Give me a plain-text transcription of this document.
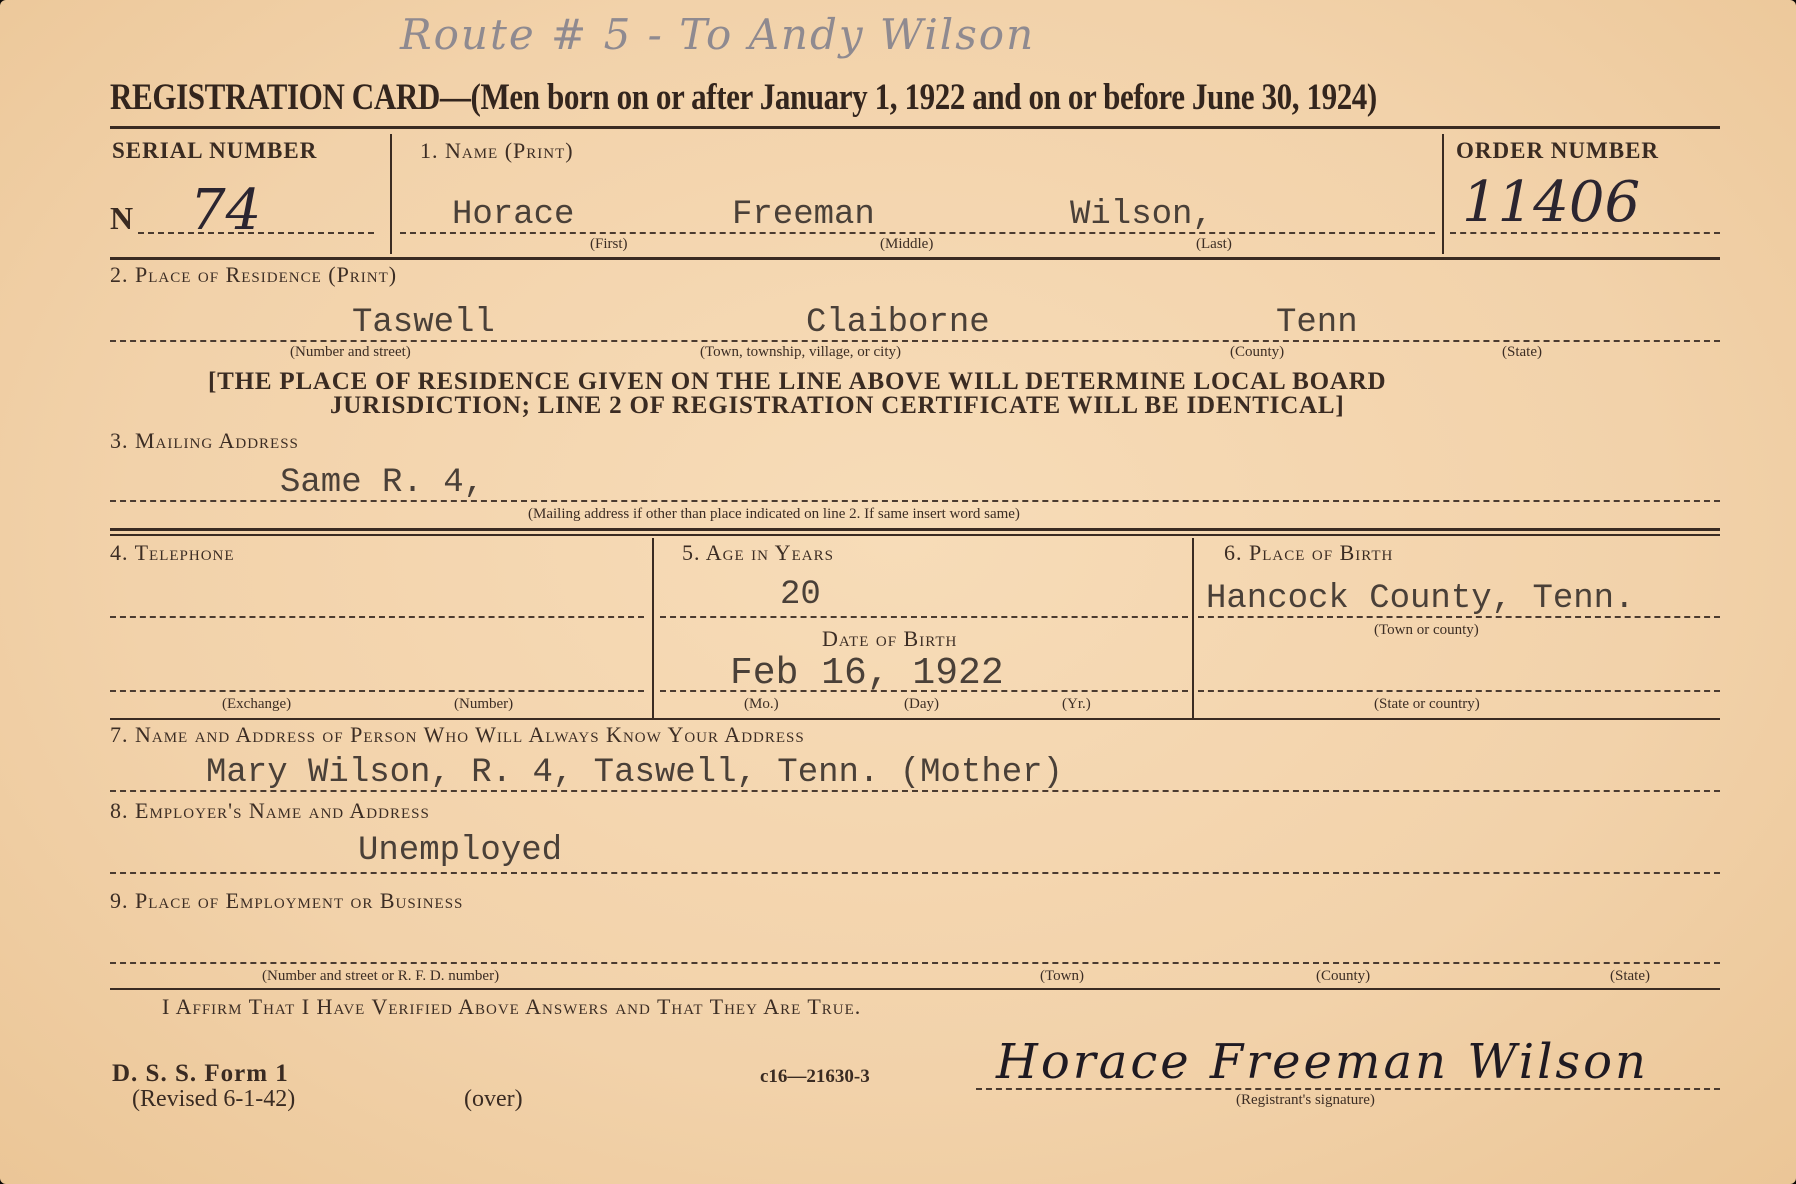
Route # 5 - To Andy Wilson
REGISTRATION CARD—(Men born on or after January 1, 1922 and on or before June 30, 1924)
SERIAL NUMBER
N 74
1. Name (Print)
Horace	Freeman	Wilson,
(First)	(Middle)	(Last)
ORDER NUMBER
11406
2. Place of Residence (Print)
Taswell	Claiborne	Tenn
(Number and street)	(Town, township, village, or city)	(County)	(State)
[THE PLACE OF RESIDENCE GIVEN ON THE LINE ABOVE WILL DETERMINE LOCAL BOARD
JURISDICTION; LINE 2 OF REGISTRATION CERTIFICATE WILL BE IDENTICAL]
3. Mailing Address
Same R. 4,
(Mailing address if other than place indicated on line 2. If same insert word same)
4. Telephone
(Exchange)	(Number)
5. Age in Years
20
Date of Birth
Feb 16, 1922
(Mo.)	(Day)	(Yr.)
6. Place of Birth
Hancock County, Tenn.
(Town or county)
(State or country)
7. Name and Address of Person Who Will Always Know Your Address
Mary Wilson, R. 4, Taswell, Tenn. (Mother)
8. Employer's Name and Address
Unemployed
9. Place of Employment or Business
(Number and street or R. F. D. number)	(Town)	(County)	(State)
I Affirm That I Have Verified Above Answers and That They Are True.
D. S. S. Form 1
(Revised 6-1-42)	(over)
c16—21630-3	Horace Freeman Wilson
(Registrant's signature)
